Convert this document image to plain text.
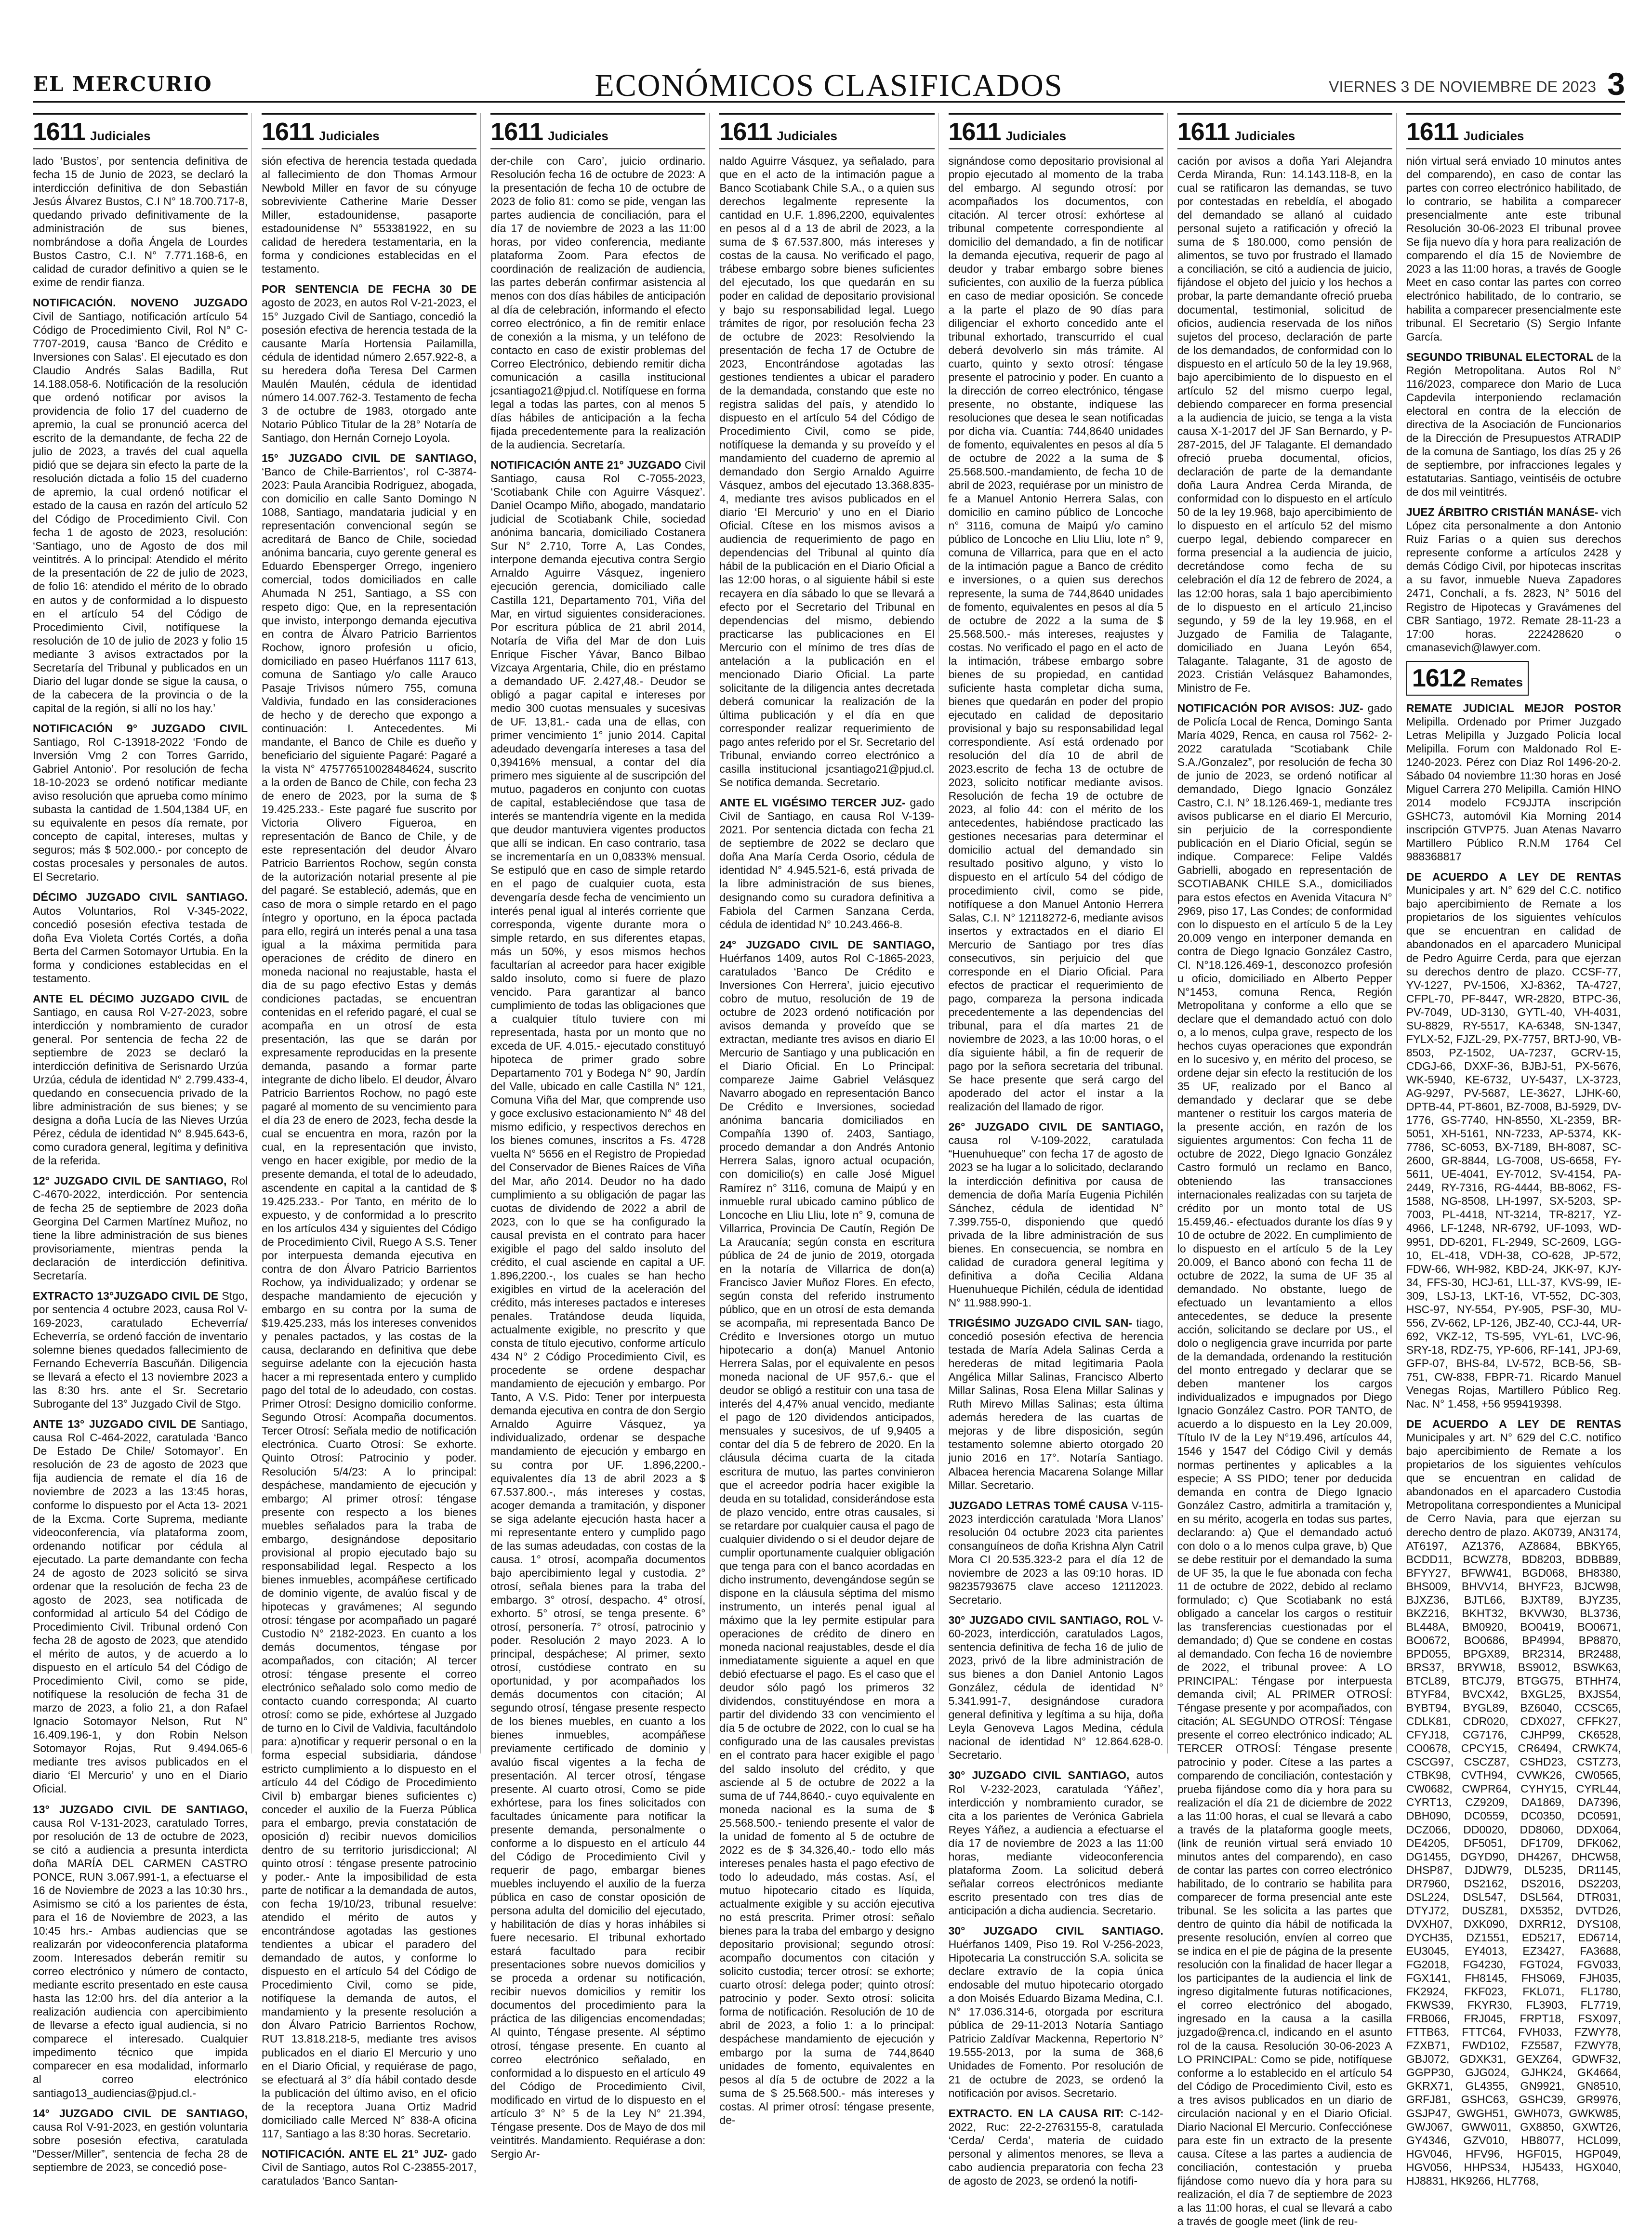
EL MERCURIO	ECONÓMICOS CLASIFICADOS	VIERNES 3 DE NOVIEMBRE DE 2023 3
1611 Judiciales

lado ‘Bustos’, por sentencia definitiva de fecha 15 de Junio de 2023, se declaró la interdicción definitiva de don Sebastián Jesús Álvarez Bustos, C.I N° 18.700.717-8, quedando privado definitivamente de la administración de sus bienes, nombrándose a doña Ángela de Lourdes Bustos Castro, C.I. N° 7.771.168-6, en calidad de curador definitivo a quien se le exime de rendir fianza.

NOTIFICACIÓN. NOVENO JUZGADO Civil de Santiago, notificación artículo 54 Código de Procedimiento Civil, Rol N° C-7707-2019, causa ‘Banco de Crédito e Inversiones con Salas’. El ejecutado es don Claudio Andrés Salas Badilla, Rut 14.188.058-6. Notificación de la resolución que ordenó notificar por avisos la providencia de folio 17 del cuaderno de apremio, la cual se pronunció acerca del escrito de la demandante, de fecha 22 de julio de 2023, a través del cual aquella pidió que se dejara sin efecto la parte de la resolución dictada a folio 15 del cuaderno de apremio, la cual ordenó notificar el estado de la causa en razón del artículo 52 del Código de Procedimiento Civil. Con fecha 1 de agosto de 2023, resolución: ‘Santiago, uno de Agosto de dos mil veintitrés. A lo principal: Atendido el mérito de la presentación de 22 de julio de 2023, de folio 16: atendido el mérito de lo obrado en autos y de conformidad a lo dispuesto en el artículo 54 del Código de Procedimiento Civil, notifíquese la resolución de 10 de julio de 2023 y folio 15 mediante 3 avisos extractados por la Secretaría del Tribunal y publicados en un Diario del lugar donde se sigue la causa, o de la cabecera de la provincia o de la capital de la región, si allí no los hay.’

NOTIFICACIÓN 9° JUZGADO CIVIL Santiago, Rol C-13918-2022 ‘Fondo de Inversión Vmg 2 con Torres Garrido, Gabriel Antonio’. Por resolución de fecha 18-10-2023 se ordenó notificar mediante aviso resolución que aprueba como mínimo subasta la cantidad de 1.504,1384 UF, en su equivalente en pesos día remate, por concepto de capital, intereses, multas y seguros; más $ 502.000.- por concepto de costas procesales y personales de autos. El Secretario.

DÉCIMO JUZGADO CIVIL SANTIAGO. Autos Voluntarios, Rol V-345-2022, concedió posesión efectiva testada de doña Eva Violeta Cortés Cortés, a doña Berta del Carmen Sotomayor Urtubia. En la forma y condiciones establecidas en el testamento.

ANTE EL DÉCIMO JUZGADO CIVIL de Santiago, en causa Rol V-27-2023, sobre interdicción y nombramiento de curador general. Por sentencia de fecha 22 de septiembre de 2023 se declaró la interdicción definitiva de Serisnardo Urzúa Urzúa, cédula de identidad N° 2.799.433-4, quedando en consecuencia privado de la libre administración de sus bienes; y se designa a doña Lucía de las Nieves Urzúa Pérez, cédula de identidad N° 8.945.643-6, como curadora general, legítima y definitiva de la referida.

12° JUZGADO CIVIL DE SANTIAGO, Rol C-4670-2022, interdicción. Por sentencia de fecha 25 de septiembre de 2023 doña Georgina Del Carmen Martínez Muñoz, no tiene la libre administración de sus bienes provisoriamente, mientras penda la declaración de interdicción definitiva. Secretaría.

EXTRACTO 13°JUZGADO CIVIL DE Stgo, por sentencia 4 octubre 2023, causa Rol V-169-2023, caratulado Echeverría/ Echeverría, se ordenó facción de inventario solemne bienes quedados fallecimiento de Fernando Echeverría Bascuñán. Diligencia se llevará a efecto el 13 noviembre 2023 a las 8:30 hrs. ante el Sr. Secretario Subrogante del 13° Juzgado Civil de Stgo.

ANTE 13° JUZGADO CIVIL DE Santiago, causa Rol C-464-2022, caratulada ‘Banco De Estado De Chile/ Sotomayor’. En resolución de 23 de agosto de 2023 que fija audiencia de remate el día 16 de noviembre de 2023 a las 13:45 horas, conforme lo dispuesto por el Acta 13- 2021 de la Excma. Corte Suprema, mediante videoconferencia, vía plataforma zoom, ordenando notificar por cédula al ejecutado. La parte demandante con fecha 24 de agosto de 2023 solicitó se sirva ordenar que la resolución de fecha 23 de agosto de 2023, sea notificada de conformidad al artículo 54 del Código de Procedimiento Civil. Tribunal ordenó Con fecha 28 de agosto de 2023, que atendido el mérito de autos, y de acuerdo a lo dispuesto en el artículo 54 del Código de Procedimiento Civil, como se pide, notifíquese la resolución de fecha 31 de marzo de 2023, a folio 21, a don Rafael Ignacio Sotomayor Nelson, Rut N° 16.409.196-1, y don Robin Nelson Sotomayor Rojas, Rut 9.494.065-6 mediante tres avisos publicados en el diario ‘El Mercurio’ y uno en el Diario Oficial.

13° JUZGADO CIVIL DE SANTIAGO, causa Rol V-131-2023, caratulado Torres, por resolución de 13 de octubre de 2023, se citó a audiencia a presunta interdicta doña MARÍA DEL CARMEN CASTRO PONCE, RUN 3.067.991-1, a efectuarse el 16 de Noviembre de 2023 a las 10:30 hrs., Asimismo se citó a los parientes de ésta, para el 16 de Noviembre de 2023, a las 10:45 hrs.- Ambas audiencias que se realizarán por videoconferencia plataforma zoom. Interesados deberán remitir su correo electrónico y número de contacto, mediante escrito presentado en este causa hasta las 12:00 hrs. del día anterior a la realización audiencia con apercibimiento de llevarse a efecto igual audiencia, si no comparece el interesado. Cualquier impedimento técnico que impida comparecer en esa modalidad, informarlo al correo electrónico santiago13_audiencias@pjud.cl.-

14° JUZGADO CIVIL DE SANTIAGO, causa Rol V-91-2023, en gestión voluntaria sobre posesión efectiva, caratulada “Desser/Miller”, sentencia de fecha 28 de septiembre de 2023, se concedió pose-

1611 Judiciales

sión efectiva de herencia testada quedada al fallecimiento de don Thomas Armour Newbold Miller en favor de su cónyuge sobreviviente Catherine Marie Desser Miller, estadounidense, pasaporte estadounidense N° 553381922, en su calidad de heredera testamentaria, en la forma y condiciones establecidas en el testamento.

POR SENTENCIA DE FECHA 30 DE agosto de 2023, en autos Rol V-21-2023, el 15° Juzgado Civil de Santiago, concedió la posesión efectiva de herencia testada de la causante María Hortensia Pailamilla, cédula de identidad número 2.657.922-8, a su heredera doña Teresa Del Carmen Maulén Maulén, cédula de identidad número 14.007.762-3. Testamento de fecha 3 de octubre de 1983, otorgado ante Notario Público Titular de la 28° Notaría de Santiago, don Hernán Cornejo Loyola.

15° JUZGADO CIVIL DE SANTIAGO, ‘Banco de Chile-Barrientos’, rol C-3874-2023: Paula Arancibia Rodríguez, abogada, con domicilio en calle Santo Domingo N 1088, Santiago, mandataria judicial y en representación convencional según se acreditará de Banco de Chile, sociedad anónima bancaria, cuyo gerente general es Eduardo Ebensperger Orrego, ingeniero comercial, todos domiciliados en calle Ahumada N 251, Santiago, a SS con respeto digo: Que, en la representación que invisto, interpongo demanda ejecutiva en contra de Álvaro Patricio Barrientos Rochow, ignoro profesión u oficio, domiciliado en paseo Huérfanos 1117 613, comuna de Santiago y/o calle Arauco Pasaje Trivisos número 755, comuna Valdivia, fundado en las consideraciones de hecho y de derecho que expongo a continuación: I. Antecedentes. Mi mandante, el Banco de Chile es dueño y beneficiario del siguiente Pagaré: Pagaré a la vista N° 475776510028484624, suscrito a la orden de Banco de Chile, con fecha 23 de enero de 2023, por la suma de $ 19.425.233.- Este pagaré fue suscrito por Victoria Olivero Figueroa, en representación de Banco de Chile, y de este representación del deudor Álvaro Patricio Barrientos Rochow, según consta de la autorización notarial presente al pie del pagaré. Se estableció, además, que en caso de mora o simple retardo en el pago íntegro y oportuno, en la época pactada para ello, regirá un interés penal a una tasa igual a la máxima permitida para operaciones de crédito de dinero en moneda nacional no reajustable, hasta el día de su pago efectivo Estas y demás condiciones pactadas, se encuentran contenidas en el referido pagaré, el cual se acompaña en un otrosí de esta presentación, las que se darán por expresamente reproducidas en la presente demanda, pasando a formar parte integrante de dicho libelo. El deudor, Álvaro Patricio Barrientos Rochow, no pagó este pagaré al momento de su vencimiento para el día 23 de enero de 2023, fecha desde la cual se encuentra en mora, razón por la cual, en la representación que invisto, vengo en hacer exigible, por medio de la presente demanda, el total de lo adeudado, ascendente en capital a la cantidad de $ 19.425.233.- Por Tanto, en mérito de lo expuesto, y de conformidad a lo prescrito en los artículos 434 y siguientes del Código de Procedimiento Civil, Ruego A S.S. Tener por interpuesta demanda ejecutiva en contra de don Álvaro Patricio Barrientos Rochow, ya individualizado; y ordenar se despache mandamiento de ejecución y embargo en su contra por la suma de $19.425.233, más los intereses convenidos y penales pactados, y las costas de la causa, declarando en definitiva que debe seguirse adelante con la ejecución hasta hacer a mi representada entero y cumplido pago del total de lo adeudado, con costas. Primer Otrosí: Designo domicilio conforme. Segundo Otrosí: Acompaña documentos. Tercer Otrosí: Señala medio de notificación electrónica. Cuarto Otrosí: Se exhorte. Quinto Otrosí: Patrocinio y poder. Resolución 5/4/23: A lo principal: despáchese, mandamiento de ejecución y embargo; Al primer otrosí: téngase presente con respecto a los bienes muebles señalados para la traba de embargo, designándose depositario provisional al propio ejecutado bajo su responsabilidad legal. Respecto a los bienes inmuebles, acompáñese certificado de dominio vigente, de avalúo fiscal y de hipotecas y gravámenes; Al segundo otrosí: téngase por acompañado un pagaré Custodio N° 2182-2023. En cuanto a los demás documentos, téngase por acompañados, con citación; Al tercer otrosí: téngase presente el correo electrónico señalado solo como medio de contacto cuando corresponda; Al cuarto otrosí: como se pide, exhórtese al Juzgado de turno en lo Civil de Valdivia, facultándolo para: a)notificar y requerir personal o en la forma especial subsidiaria, dándose estricto cumplimiento a lo dispuesto en el artículo 44 del Código de Procedimiento Civil b) embargar bienes suficientes c) conceder el auxilio de la Fuerza Pública para el embargo, previa constatación de oposición d) recibir nuevos domicilios dentro de su territorio jurisdiccional; Al quinto otrosí : téngase presente patrocinio y poder.- Ante la imposibilidad de esta parte de notificar a la demandada de autos, con fecha 19/10/23, tribunal resuelve: atendido el mérito de autos y encontrándose agotadas las gestiones tendientes a ubicar el paradero del demandado de autos, y conforme lo dispuesto en el artículo 54 del Código de Procedimiento Civil, como se pide, notifíquese la demanda de autos, el mandamiento y la presente resolución a don Álvaro Patricio Barrientos Rochow, RUT 13.818.218-5, mediante tres avisos publicados en el diario El Mercurio y uno en el Diario Oficial, y requiérase de pago, se efectuará al 3° día hábil contado desde la publicación del último aviso, en el oficio de la receptora Juana Ortiz Madrid domiciliado calle Merced N° 838-A oficina 117, Santiago a las 8:30 horas. Secretario.

NOTIFICACIÓN. ANTE EL 21° JUZ- gado Civil de Santiago, autos Rol C-23855-2017, caratulados ‘Banco Santan-

1611 Judiciales

der-chile con Caro’, juicio ordinario. Resolución fecha 16 de octubre de 2023: A la presentación de fecha 10 de octubre de 2023 de folio 81: como se pide, vengan las partes audiencia de conciliación, para el día 17 de noviembre de 2023 a las 11:00 horas, por video conferencia, mediante plataforma Zoom. Para efectos de coordinación de realización de audiencia, las partes deberán confirmar asistencia al menos con dos días hábiles de anticipación al día de celebración, informando el efecto correo electrónico, a fin de remitir enlace de conexión a la misma, y un teléfono de contacto en caso de existir problemas del Correo Electrónico, debiendo remitir dicha comunicación a casilla institucional jcsantiago21@pjud.cl. Notifíquese en forma legal a todas las partes, con al menos 5 días hábiles de anticipación a la fecha fijada precedentemente para la realización de la audiencia. Secretaría.

NOTIFICACIÓN ANTE 21° JUZGADO Civil Santiago, causa Rol C-7055-2023, ‘Scotiabank Chile con Aguirre Vásquez’. Daniel Ocampo Miño, abogado, mandatario judicial de Scotiabank Chile, sociedad anónima bancaria, domiciliado Costanera Sur N° 2.710, Torre A, Las Condes, interpone demanda ejecutiva contra Sergio Arnaldo Aguirre Vásquez, ingeniero ejecución gerencia, domiciliado calle Castilla 121, Departamento 701, Viña del Mar, en virtud siguientes consideraciones. Por escritura pública de 21 abril 2014, Notaría de Viña del Mar de don Luis Enrique Fischer Yávar, Banco Bilbao Vizcaya Argentaria, Chile, dio en préstamo a demandado UF. 2.427,48.- Deudor se obligó a pagar capital e intereses por medio 300 cuotas mensuales y sucesivas de UF. 13,81.- cada una de ellas, con primer vencimiento 1° junio 2014. Capital adeudado devengaría intereses a tasa del 0,39416% mensual, a contar del día primero mes siguiente al de suscripción del mutuo, pagaderos en conjunto con cuotas de capital, estableciéndose que tasa de interés se mantendría vigente en la medida que deudor mantuviera vigentes productos que allí se indican. En caso contrario, tasa se incrementaría en un 0,0833% mensual. Se estipuló que en caso de simple retardo en el pago de cualquier cuota, esta devengaría desde fecha de vencimiento un interés penal igual al interés corriente que corresponda, vigente durante mora o simple retardo, en sus diferentes etapas, más un 50%, y esos mismos hechos facultarían al acreedor para hacer exigible saldo insoluto, como si fuere de plazo vencido. Para garantizar al banco cumplimiento de todas las obligaciones que a cualquier título tuviere con mi representada, hasta por un monto que no exceda de UF. 4.015.- ejecutado constituyó hipoteca de primer grado sobre Departamento 701 y Bodega N° 90, Jardín del Valle, ubicado en calle Castilla N° 121, Comuna Viña del Mar, que comprende uso y goce exclusivo estacionamiento N° 48 del mismo edificio, y respectivos derechos en los bienes comunes, inscritos a Fs. 4728 vuelta N° 5656 en el Registro de Propiedad del Conservador de Bienes Raíces de Viña del Mar, año 2014. Deudor no ha dado cumplimiento a su obligación de pagar las cuotas de dividendo de 2022 a abril de 2023, con lo que se ha configurado la causal prevista en el contrato para hacer exigible el pago del saldo insoluto del crédito, el cual asciende en capital a UF. 1.896,2200.-, los cuales se han hecho exigibles en virtud de la aceleración del crédito, más intereses pactados e intereses penales. Tratándose deuda líquida, actualmente exigible, no prescrito y que consta de título ejecutivo, conforme artículo 434 N° 2 Código Procedimiento Civil, es procedente se ordene despachar mandamiento de ejecución y embargo. Por Tanto, A V.S. Pido: Tener por interpuesta demanda ejecutiva en contra de don Sergio Arnaldo Aguirre Vásquez, ya individualizado, ordenar se despache mandamiento de ejecución y embargo en su contra por UF. 1.896,2200.- equivalentes día 13 de abril 2023 a $ 67.537.800.-, más intereses y costas, acoger demanda a tramitación, y disponer se siga adelante ejecución hasta hacer a mi representante entero y cumplido pago de las sumas adeudadas, con costas de la causa. 1° otrosí, acompaña documentos bajo apercibimiento legal y custodia. 2° otrosí, señala bienes para la traba del embargo. 3° otrosí, despacho. 4° otrosí, exhorto. 5° otrosí, se tenga presente. 6° otrosí, personería. 7° otrosí, patrocinio y poder. Resolución 2 mayo 2023. A lo principal, despáchese; Al primer, sexto otrosí, custódiese contrato en su oportunidad, y por acompañados los demás documentos con citación; Al segundo otrosí, téngase presente respecto de los bienes muebles, en cuanto a los bienes inmuebles, acompáñese previamente certificado de dominio y avalúo fiscal vigentes a la fecha de presentación. Al tercer otrosí, téngase presente. Al cuarto otrosí, Como se pide exhórtese, para los fines solicitados con facultades únicamente para notificar la presente demanda, personalmente o conforme a lo dispuesto en el artículo 44 del Código de Procedimiento Civil y requerir de pago, embargar bienes muebles incluyendo el auxilio de la fuerza pública en caso de constar oposición de persona adulta del domicilio del ejecutado, y habilitación de días y horas inhábiles si fuere necesario. El tribunal exhortado estará facultado para recibir presentaciones sobre nuevos domicilios y se proceda a ordenar su notificación, recibir nuevos domicilios y remitir los documentos del procedimiento para la práctica de las diligencias encomendadas; Al quinto, Téngase presente. Al séptimo otrosí, téngase presente. En cuanto al correo electrónico señalado, en conformidad a lo dispuesto en el artículo 49 del Código de Procedimiento Civil, modificado en virtud de lo dispuesto en el artículo 3° N° 5 de la Ley N° 21.394, Téngase presente. Dos de Mayo de dos mil veintitrés. Mandamiento. Requiérase a don: Sergio Ar-

1611 Judiciales

naldo Aguirre Vásquez, ya señalado, para que en el acto de la intimación pague a Banco Scotiabank Chile S.A., o a quien sus derechos legalmente represente la cantidad en U.F. 1.896,2200, equivalentes en pesos al d a 13 de abril de 2023, a la suma de $ 67.537.800, más intereses y costas de la causa. No verificado el pago, trábese embargo sobre bienes suficientes del ejecutado, los que quedarán en su poder en calidad de depositario provisional y bajo su responsabilidad legal. Luego trámites de rigor, por resolución fecha 23 de octubre de 2023: Resolviendo la presentación de fecha 17 de Octubre de 2023, Encontrándose agotadas las gestiones tendientes a ubicar el paradero de la demandada, constando que este no registra salidas del país, y atendido lo dispuesto en el artículo 54 del Código de Procedimiento Civil, como se pide, notifíquese la demanda y su proveído y el mandamiento del cuaderno de apremio al demandado don Sergio Arnaldo Aguirre Vásquez, ambos del ejecutado 13.368.835-4, mediante tres avisos publicados en el diario ‘El Mercurio’ y uno en el Diario Oficial. Cítese en los mismos avisos a audiencia de requerimiento de pago en dependencias del Tribunal al quinto día hábil de la publicación en el Diario Oficial a las 12:00 horas, o al siguiente hábil si este recayera en día sábado lo que se llevará a efecto por el Secretario del Tribunal en dependencias del mismo, debiendo practicarse las publicaciones en El Mercurio con el mínimo de tres días de antelación a la publicación en el mencionado Diario Oficial. La parte solicitante de la diligencia antes decretada deberá comunicar la realización de la última publicación y el día en que corresponder realizar requerimiento de pago antes referido por el Sr. Secretario del Tribunal, enviando correo electrónico a casilla institucional jcsantiago21@pjud.cl. Se notifica demanda. Secretario.

ANTE EL VIGÉSIMO TERCER JUZ- gado Civil de Santiago, en causa Rol V-139-2021. Por sentencia dictada con fecha 21 de septiembre de 2022 se declaro que doña Ana María Cerda Osorio, cédula de identidad N° 4.945.521-6, está privada de la libre administración de sus bienes, designando como su curadora definitiva a Fabiola del Carmen Sanzana Cerda, cédula de identidad N° 10.243.466-8.

24° JUZGADO CIVIL DE SANTIAGO, Huérfanos 1409, autos Rol C-1865-2023, caratulados ‘Banco De Crédito e Inversiones Con Herrera’, juicio ejecutivo cobro de mutuo, resolución de 19 de octubre de 2023 ordenó notificación por avisos demanda y proveído que se extractan, mediante tres avisos en diario El Mercurio de Santiago y una publicación en el Diario Oficial. En Lo Principal: compareze Jaime Gabriel Velásquez Navarro abogado en representación Banco De Crédito e Inversiones, sociedad anónima bancaria domiciliados en Compañía 1390 of. 2403, Santiago, procedo demandar a don Andrés Antonio Herrera Salas, ignoro actual ocupación, con domicilio(s) en calle José Miguel Ramírez n° 3116, comuna de Maipú y en inmueble rural ubicado camino público de Loncoche en Lliu Lliu, lote n° 9, comuna de Villarrica, Provincia De Cautín, Región De La Araucanía; según consta en escritura pública de 24 de junio de 2019, otorgada en la notaría de Villarrica de don(a) Francisco Javier Muñoz Flores. En efecto, según consta del referido instrumento público, que en un otrosí de esta demanda se acompaña, mi representada Banco De Crédito e Inversiones otorgo un mutuo hipotecario a don(a) Manuel Antonio Herrera Salas, por el equivalente en pesos moneda nacional de UF 957,6.- que el deudor se obligó a restituir con una tasa de interés del 4,47% anual vencido, mediante el pago de 120 dividendos anticipados, mensuales y sucesivos, de uf 9,9405 a contar del día 5 de febrero de 2020. En la cláusula décima cuarta de la citada escritura de mutuo, las partes convinieron que el acreedor podría hacer exigible la deuda en su totalidad, considerándose esta de plazo vencido, entre otras causales, si se retardare por cualquier causa el pago de cualquier dividendo o si el deudor dejare de cumplir oportunamente cualquier obligación que tenga para con el banco acordadas en dicho instrumento, devengándose según se dispone en la cláusula séptima del mismo instrumento, un interés penal igual al máximo que la ley permite estipular para operaciones de crédito de dinero en moneda nacional reajustables, desde el día inmediatamente siguiente a aquel en que debió efectuarse el pago. Es el caso que el deudor sólo pagó los primeros 32 dividendos, constituyéndose en mora a partir del dividendo 33 con vencimiento el día 5 de octubre de 2022, con lo cual se ha configurado una de las causales previstas en el contrato para hacer exigible el pago del saldo insoluto del crédito, y que asciende al 5 de octubre de 2022 a la suma de uf 744,8640.- cuyo equivalente en moneda nacional es la suma de $ 25.568.500.- teniendo presente el valor de la unidad de fomento al 5 de octubre de 2022 es de $ 34.326,40.- todo ello más intereses penales hasta el pago efectivo de todo lo adeudado, más costas. Así, el mutuo hipotecario citado es líquida, actualmente exigible y su acción ejecutiva no está prescrita. Primer otrosí: señalo bienes para la traba del embargo y designo depositario provisional; segundo otrosí: acompaño documentos con citación y solicito custodia; tercer otrosí: se exhorte; cuarto otrosí: delega poder; quinto otrosí: patrocinio y poder. Sexto otrosí: solicita forma de notificación. Resolución de 10 de abril de 2023, a folio 1: a lo principal: despáchese mandamiento de ejecución y embargo por la suma de 744,8640 unidades de fomento, equivalentes en pesos al día 5 de octubre de 2022 a la suma de $ 25.568.500.- más intereses y costas. Al primer otrosí: téngase presente, de-

1611 Judiciales

signándose como depositario provisional al propio ejecutado al momento de la traba del embargo. Al segundo otrosí: por acompañados los documentos, con citación. Al tercer otrosí: exhórtese al tribunal competente correspondiente al domicilio del demandado, a fin de notificar la demanda ejecutiva, requerir de pago al deudor y trabar embargo sobre bienes suficientes, con auxilio de la fuerza pública en caso de mediar oposición. Se concede a la parte el plazo de 90 días para diligenciar el exhorto concedido ante el tribunal exhortado, transcurrido el cual deberá devolverlo sin más trámite. Al cuarto, quinto y sexto otrosí: téngase presente el patrocinio y poder. En cuanto a la dirección de correo electrónico, téngase presente, no obstante, indíquese las resoluciones que desea le sean notificadas por dicha vía. Cuantía: 744,8640 unidades de fomento, equivalentes en pesos al día 5 de octubre de 2022 a la suma de $ 25.568.500.-mandamiento, de fecha 10 de abril de 2023, requiérase por un ministro de fe a Manuel Antonio Herrera Salas, con domicilio en camino público de Loncoche n° 3116, comuna de Maipú y/o camino público de Loncoche en Lliu Lliu, lote n° 9, comuna de Villarrica, para que en el acto de la intimación pague a Banco de crédito e inversiones, o a quien sus derechos represente, la suma de 744,8640 unidades de fomento, equivalentes en pesos al día 5 de octubre de 2022 a la suma de $ 25.568.500.- más intereses, reajustes y costas. No verificado el pago en el acto de la intimación, trábese embargo sobre bienes de su propiedad, en cantidad suficiente hasta completar dicha suma, bienes que quedarán en poder del propio ejecutado en calidad de depositario provisional y bajo su responsabilidad legal correspondiente. Así está ordenado por resolución del día 10 de abril de 2023.escrito de fecha 13 de octubre de 2023, solicito notificar mediante avisos. Resolución de fecha 19 de octubre de 2023, al folio 44: con el mérito de los antecedentes, habiéndose practicado las gestiones necesarias para determinar el domicilio actual del demandado sin resultado positivo alguno, y visto lo dispuesto en el artículo 54 del código de procedimiento civil, como se pide, notifíquese a don Manuel Antonio Herrera Salas, C.I. N° 12118272-6, mediante avisos insertos y extractados en el diario El Mercurio de Santiago por tres días consecutivos, sin perjuicio del que corresponde en el Diario Oficial. Para efectos de practicar el requerimiento de pago, compareza la persona indicada precedentemente a las dependencias del tribunal, para el día martes 21 de noviembre de 2023, a las 10:00 horas, o el día siguiente hábil, a fin de requerir de pago por la señora secretaria del tribunal. Se hace presente que será cargo del apoderado del actor el instar a la realización del llamado de rigor.

26° JUZGADO CIVIL DE SANTIAGO, causa rol V-109-2022, caratulada “Huenuhueque” con fecha 17 de agosto de 2023 se ha lugar a lo solicitado, declarando la interdicción definitiva por causa de demencia de doña María Eugenia Pichilén Sánchez, cédula de identidad N° 7.399.755-0, disponiendo que quedó privada de la libre administración de sus bienes. En consecuencia, se nombra en calidad de curadora general legítima y definitiva a doña Cecilia Aldana Huenuhueque Pichilén, cédula de identidad N° 11.988.990-1.

TRIGÉSIMO JUZGADO CIVIL SAN- tiago, concedió posesión efectiva de herencia testada de María Adela Salinas Cerda a herederas de mitad legitimaria Paola Angélica Millar Salinas, Francisco Albertо Millar Salinas, Rosa Elena Millar Salinas y Ruth Mirevo Millas Salinas; esta última además heredera de las cuartas de mejoras y de libre disposición, según testamento solemne abierto otorgado 20 junio 2016 en 17°. Notaría Santiago. Albacea herencia Macarena Solange Millar Millar. Secretario.

JUZGADO LETRAS TOMÉ CAUSA V-115-2023 interdicción caratulada ‘Mora Llanos’ resolución 04 octubre 2023 cita parientes consanguíneos de doña Krishna Alyn Catril Mora CI 20.535.323-2 para el día 12 de noviembre de 2023 a las 09:10 horas. ID 98235793675 clave acceso 12112023. Secretario.

30° JUZGADO CIVIL SANTIAGO, ROL V-60-2023, interdicción, caratulados Lagos, sentencia definitiva de fecha 16 de julio de 2023, privó de la libre administración de sus bienes a don Daniel Antonio Lagos González, cédula de identidad N° 5.341.991-7, designándose curadora general definitiva y legítima a su hija, doña Leyla Genoveva Lagos Medina, cédula nacional de identidad N° 12.864.628-0. Secretario.

30° JUZGADO CIVIL SANTIAGO, autos Rol V-232-2023, caratulada ‘Yáñez’, interdicción y nombramiento curador, se cita a los parientes de Verónica Gabriela Reyes Yáñez, a audiencia a efectuarse el día 17 de noviembre de 2023 a las 11:00 horas, mediante videoconferencia plataforma Zoom. La solicitud deberá señalar correos electrónicos mediante escrito presentado con tres días de anticipación a dicha audiencia. Secretario.

30° JUZGADO CIVIL SANTIAGO. Huérfanos 1409, Piso 19. Rol V-256-2023, Hipotecaria La construcción S.A. solicita se declare extravío de la copia única endosable del mutuo hipotecario otorgado a don Moisés Eduardo Bizama Medina, C.I. N° 17.036.314-6, otorgada por escritura pública de 29-11-2013 Notaría Santiago Patricio Zaldívar Mackenna, Repertorio N° 19.555-2013, por la suma de 368,6 Unidades de Fomento. Por resolución de 21 de octubre de 2023, se ordenó la notificación por avisos. Secretario.

EXTRACTO. EN LA CAUSA RIT: C-142-2022, Ruc: 22-2-2763155-8, caratulada ‘Cerda/ Cerda’, materia de cuidado personal y alimentos menores, se lleva a cabo audiencia preparatoria con fecha 23 de agosto de 2023, se ordenó la notifi-

1611 Judiciales

cación por avisos a doña Yari Alejandra Cerda Miranda, Run: 14.143.118-8, en la cual se ratificaron las demandas, se tuvo por contestadas en rebeldía, el abogado del demandado se allanó al cuidado personal sujeto a ratificación y ofreció la suma de $ 180.000, como pensión de alimentos, se tuvo por frustrado el llamado a conciliación, se citó a audiencia de juicio, fijándose el objeto del juicio y los hechos a probar, la parte demandante ofreció prueba documental, testimonial, solicitud de oficios, audiencia reservada de los niños sujetos del proceso, declaración de parte de los demandados, de conformidad con lo dispuesto en el artículo 50 de la ley 19.968, bajo apercibimiento de lo dispuesto en el artículo 52 del mismo cuerpo legal, debiendo comparecer en forma presencial a la audiencia de juicio, se tenga a la vista causa X-1-2017 del JF San Bernardo, y P-287-2015, del JF Talagante. El demandado ofreció prueba documental, oficios, declaración de parte de la demandante doña Laura Andrea Cerda Miranda, de conformidad con lo dispuesto en el artículo 50 de la ley 19.968, bajo apercibimiento de lo dispuesto en el artículo 52 del mismo cuerpo legal, debiendo comparecer en forma presencial a la audiencia de juicio, decretándose como fecha de su celebración el día 12 de febrero de 2024, a las 12:00 horas, sala 1 bajo apercibimiento de lo dispuesto en el artículo 21,inciso segundo, y 59 de la ley 19.968, en el Juzgado de Familia de Talagante, domiciliado en Juana Leyón 654, Talagante. Talagante, 31 de agosto de 2023. Cristián Velásquez Bahamondes, Ministro de Fe.

NOTIFICACIÓN POR AVISOS: JUZ- gado de Policía Local de Renca, Domingo Santa María 4029, Renca, en causa rol 7562- 2- 2022 caratulada “Scotiabank Chile S.A./Gonzalez”, por resolución de fecha 30 de junio de 2023, se ordenó notificar al demandado, Diego Ignacio González Castro, C.I. N° 18.126.469-1, mediante tres avisos publicarse en el diario El Mercurio, sin perjuicio de la correspondiente publicación en el Diario Oficial, según se indique. Comparece: Felipe Valdés Gabrielli, abogado en representación de SCOTIABANK CHILE S.A., domiciliados para estos efectos en Avenida Vitacura N° 2969, piso 17, Las Condes; de conformidad con lo dispuesto en el artículo 5 de la Ley 20.009 vengo en interponer demanda en contra de Diego Ignacio González Castro, Cl. N°18.126.469-1, desconozco profesión u oficio, domiciliado en Alberto Pepper N°1453, comuna Renca, Región Metropolitana y conforme a ello que se declare que el demandado actuó con dolo o, a lo menos, culpa grave, respecto de los hechos cuyas operaciones que expondrán en lo sucesivo y, en mérito del proceso, se ordene dejar sin efecto la restitución de los 35 UF, realizado por el Banco al demandado y declarar que se debe mantener o restituir los cargos materia de la presente acción, en razón de los siguientes argumentos: Con fecha 11 de octubre de 2022, Diego Ignacio González Castro formuló un reclamo en Banco, obteniendo las transacciones internacionales realizadas con su tarjeta de crédito por un monto total de US 15.459,46.- efectuados durante los días 9 y 10 de octubre de 2022. En cumplimiento de lo dispuesto en el artículo 5 de la Ley 20.009, el Banco abonó con fecha 11 de octubre de 2022, la suma de UF 35 al demandado. No obstante, luego de efectuado un levantamiento a ellos antecedentes, se deduce la presente acción, solicitando se declare por US., el dolo o negligencia grave incurrida por parte de la demandada, ordenando la restitución del monto entregado y declarar que se deben mantener los cargos individualizados e impugnados por Diego Ignacio González Castro. POR TANTO, de acuerdo a lo dispuesto en la Ley 20.009, Título IV de la Ley N°19.496, artículos 44, 1546 y 1547 del Código Civil y demás normas pertinentes y aplicables a la especie; A SS PIDO; tener por deducida demanda en contra de Diego Ignacio González Castro, admitirla a tramitación y, en su mérito, acogerla en todas sus partes, declarando: a) Que el demandado actuó con dolo o a lo menos culpa grave, b) Que se debe restituir por el demandado la suma de UF 35, la que le fue abonada con fecha 11 de octubre de 2022, debido al reclamo formulado; c) Que Scotiabank no está obligado a cancelar los cargos o restituir las transferencias cuestionadas por el demandado; d) Que se condene en costas al demandado. Con fecha 16 de noviembre de 2022, el tribunal provee: A LO PRINCIPAL: Téngase por interpuesta demanda civil; AL PRIMER OTROSÍ: Téngase presente y por acompañados, con citación; AL SEGUNDO OTROSÍ: Téngase presente el correo electrónico indicado; AL TERCER OTROSÍ: Téngase presente patrocinio y poder. Cítese a las partes a comparendo de conciliación, contestación y prueba fijándose como día y hora para su realización el día 21 de diciembre de 2022 a las 11:00 horas, el cual se llevará a cabo a través de la plataforma google meets, (link de reunión virtual será enviado 10 minutos antes del comparendo), en caso de contar las partes con correo electrónico habilitado, de lo contrario se habilita para comparecer de forma presencial ante este tribunal. Se les solicita a las partes que dentro de quinto día hábil de notificada la presente resolución, envíen al correo que se indica en el pie de página de la presente resolución con la finalidad de hacer llegar a los participantes de la audiencia el link de ingreso digitalmente futuras notificaciones, el correo electrónico del abogado, ingresado en la causa a la casilla juzgado@renca.cl, indicando en el asunto rol de la causa. Resolución 30-06-2023 A LO PRINCIPAL: Como se pide, notifíquese conforme a lo establecido en el artículo 54 del Código de Procedimiento Civil, esto es a tres avisos publicados en un diario de circulación nacional y en el Diario Oficial. Diario Nacional El Mercurio. Confecciónese para este fin un extracto de la presente causa. Cítese a las partes a audiencia de conciliación, contestación y prueba fijándose como nuevo día y hora para su realización, el día 7 de septiembre de 2023 a las 11:00 horas, el cual se llevará a cabo a través de google meet (link de reu-

1611 Judiciales

nión virtual será enviado 10 minutos antes del comparendo), en caso de contar las partes con correo electrónico habilitado, de lo contrario, se habilita a comparecer presencialmente ante este tribunal Resolución 30-06-2023 El tribunal provee Se fija nuevo día y hora para realización de comparendo el día 15 de Noviembre de 2023 a las 11:00 horas, a través de Google Meet en caso contar las partes con correo electrónico habilitado, de lo contrario, se habilita a comparecer presencialmente este tribunal. El Secretario (S) Sergio Infante García.

SEGUNDO TRIBUNAL ELECTORAL de la Región Metropolitana. Autos Rol N° 116/2023, comparece don Mario de Luca Capdevila interponiendo reclamación electoral en contra de la elección de directiva de la Asociación de Funcionarios de la Dirección de Presupuestos ATRADIP de la comuna de Santiago, los días 25 y 26 de septiembre, por infracciones legales y estatutarias. Santiago, veintiséis de octubre de dos mil veintitrés.

JUEZ ÁRBITRO CRISTIÁN MANÁSE- vich López cita personalmente a don Antonio Ruiz Farías o a quien sus derechos represente conforme a artículos 2428 y demás Código Civil, por hipotecas inscritas a su favor, inmueble Nueva Zapadores 2471, Conchalí, a fs. 2823, N° 5016 del Registro de Hipotecas y Gravámenes del CBR Santiago, 1972. Remate 28-11-23 a 17:00 horas. 222428620 o cmanasevich@lawyer.com.

1612 Remates

REMATE JUDICIAL MEJOR POSTOR Melipilla. Ordenado por Primer Juzgado Letras Melipilla y Juzgado Policía local Melipilla. Forum con Maldonado Rol E-1240-2023. Pérez con Díaz Rol 1496-20-2. Sábado 04 noviembre 11:30 horas en José Miguel Carrera 270 Melipilla. Camión HINO 2014 modelo FC9JJTA inscripción GSHC73, automóvil Kia Morning 2014 inscripción GTVP75. Juan Atenas Navarro Martillero Público R.N.M 1764 Cel 988368817

DE ACUERDO A LEY DE RENTAS Municipales y art. N° 629 del C.C. notifico bajo apercibimiento de Remate a los propietarios de los siguientes vehículos que se encuentran en calidad de abandonados en el aparcadero Municipal de Pedro Aguirre Cerda, para que ejerzan su derechos dentro de plazo. CCSF-77, YV-1227, PV-1506, XJ-8362, TA-4727, CFPL-70, PF-8447, WR-2820, BTPC-36, PV-7049, UD-3130, GYTL-40, VH-4031, SU-8829, RY-5517, KA-6348, SN-1347, FYLX-52, FJZL-29, PX-7757, BRTJ-90, VB-8503, PZ-1502, UA-7237, GCRV-15, CDGJ-66, DXXF-36, BJBJ-51, PX-5676, WK-5940, KE-6732, UY-5437, LX-3723, AG-9297, PV-5687, LE-3627, LJHK-60, DPTB-44, PT-8601, BZ-7008, BJ-5929, DV-1776, GS-7740, HN-8550, XL-2359, BR-5051, XH-5161, NN-7233, AP-5374, KK-7786, SC-6053, BX-7189, BH-8087, SC-2600, GR-8844, LG-7008, US-6658, FY-5611, UE-4041, EY-7012, SV-4154, PA-2449, RY-7316, RG-4444, BB-8062, FS-1588, NG-8508, LH-1997, SX-5203, SP-7003, PL-4418, NT-3214, TR-8217, YZ-4966, LF-1248, NR-6792, UF-1093, WD-9951, DD-6201, FL-2949, SC-2609, LGG-10, EL-418, VDH-38, CO-628, JP-572, FDW-66, WH-982, KBD-24, JKK-97, KJY-34, FFS-30, HCJ-61, LLL-37, KVS-99, IE-309, LSJ-13, LKT-16, VT-552, DC-303, HSC-97, NY-554, PY-905, PSF-30, MU-556, ZV-662, LP-126, JBZ-40, CCJ-44, UR-692, VKZ-12, TS-595, VYL-61, LVC-96, SRY-18, RDZ-75, YP-606, RF-141, JPJ-69, GFP-07, BHS-84, LV-572, BCB-56, SB-751, CW-838, FBPR-71. Ricardo Manuel Venegas Rojas, Martillero Público Reg. Nac. N° 1.458, +56 959419398.

DE ACUERDO A LEY DE RENTAS Municipales y art. N° 629 del C.C. notifico bajo apercibimiento de Remate a los propietarios de los siguientes vehículos que se encuentran en calidad de abandonados en el aparcadero Custodia Metropolitana correspondientes a Municipal de Cerro Navia, para que ejerzan su derecho dentro de plazo. AK0739, AN3174, AT6197, AZ1376, AZ8684, BBKY65, BCDD11, BCWZ78, BD8203, BDBB89, BFYY27, BFWW41, BGD068, BH8380, BHS009, BHVV14, BHYF23, BJCW98, BJXZ36, BJTL66, BJXT89, BJYZ35, BKZ216, BKHT32, BKVW30, BL3736, BL448A, BM0920, BO0419, BO0671, BO0672, BO0686, BP4994, BP8870, BPD055, BPGX89, BR2314, BR2488, BRS37, BRYW18, BS9012, BSWK63, BTCL89, BTCJ79, BTGG75, BTHH74, BTYF84, BVCX42, BXGL25, BXJS54, BYBT94, BYGL89, BZ6040, CCSC65, CDLK81, CDR020, CDX027, CFFK27, CFYJ18, CG7176, CJHP99, CK6528, CO0678, CPCY15, CR6494, CRWK74, CSCG97, CSCZ87, CSHD23, CSTZ73, CTBK98, CVTH94, CVWK26, CW0565, CW0682, CWPR64, CYHY15, CYRL44, CYRT13, CZ9209, DA1869, DA7396, DBH090, DC0559, DC0350, DC0591, DCZ066, DD0020, DD8060, DDX064, DE4205, DF5051, DF1709, DFK062, DG1455, DGYD90, DH4267, DHCW58, DHSP87, DJDW79, DL5235, DR1145, DR7960, DS2162, DS2016, DS2203, DSL224, DSL547, DSL564, DTR031, DTYJ72, DUSZ81, DX5352, DVTD26, DVXH07, DXK090, DXRR12, DYS108, DYCH35, DZ1551, ED5217, ED6714, EU3045, EY4013, EZ3427, FA3688, FG2018, FG4230, FGT024, FGV033, FGX141, FH8145, FHS069, FJH035, FK2924, FKF023, FKL071, FL1780, FKWS39, FKYR30, FL3903, FL7719, FRB066, FRJ045, FRPT18, FSX097, FTTB63, FTTC64, FVH033, FZWY78, FZXB71, FWD102, FZ5587, FZWY78, GBJ072, GDXK31, GEXZ64, GDWF32, GGPP30, GJG024, GJHK24, GK4664, GKRX71, GL4355, GN9921, GN8510, GRFJ81, GSHC63, GSHC39, GR9976, GSJP47, GWGH51, GWH073, GWKW85, GWJ067, GWW011, GX8850, GXWT26, GY4346, GZV010, HB8077, HCL099, HGV046, HFV96, HGF015, HGP049, HGV056, HHPS34, HJ5433, HGX040, HJ8831, HK9266, HL7768,
